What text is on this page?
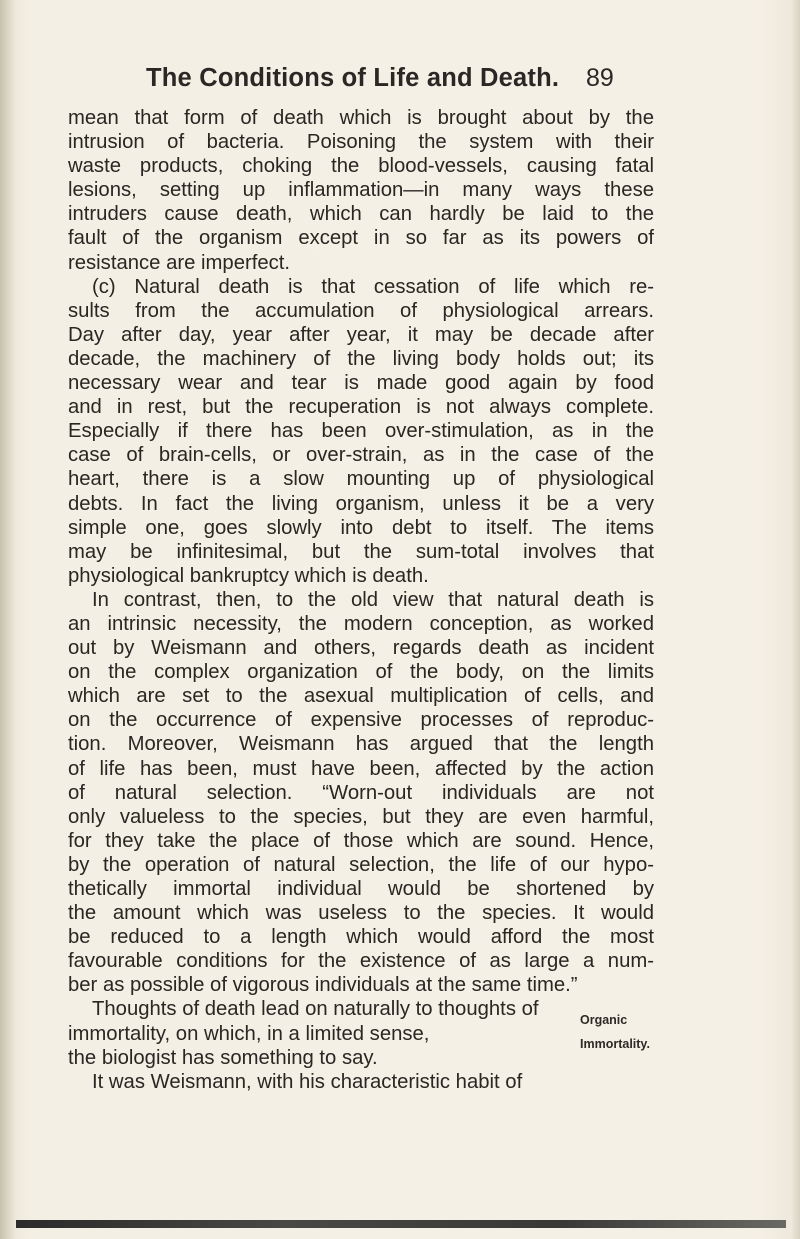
The Conditions of Life and Death.	89
mean that form of death which is brought about by the
intrusion of bacteria. Poisoning the system with their
waste products, choking the blood-vessels, causing fatal
lesions, setting up inflammation—in many ways these
intruders cause death, which can hardly be laid to the
fault of the organism except in so far as its powers of
resistance are imperfect.
(c) Natural death is that cessation of life which re-
sults from the accumulation of physiological arrears.
Day after day, year after year, it may be decade after
decade, the machinery of the living body holds out; its
necessary wear and tear is made good again by food
and in rest, but the recuperation is not always complete.
Especially if there has been over-stimulation, as in the
case of brain-cells, or over-strain, as in the case of the
heart, there is a slow mounting up of physiological
debts. In fact the living organism, unless it be a very
simple one, goes slowly into debt to itself. The items
may be infinitesimal, but the sum-total involves that
physiological bankruptcy which is death.
In contrast, then, to the old view that natural death is
an intrinsic necessity, the modern conception, as worked
out by Weismann and others, regards death as incident
on the complex organization of the body, on the limits
which are set to the asexual multiplication of cells, and
on the occurrence of expensive processes of reproduc-
tion. Moreover, Weismann has argued that the length
of life has been, must have been, affected by the action
of natural selection. “Worn-out individuals are not
only valueless to the species, but they are even harmful,
for they take the place of those which are sound. Hence,
by the operation of natural selection, the life of our hypo-
thetically immortal individual would be shortened by
the amount which was useless to the species. It would
be reduced to a length which would afford the most
favourable conditions for the existence of as large a num-
ber as possible of vigorous individuals at the same time.”
Thoughts of death lead on naturally to thoughts of
immortality, on which, in a limited sense,
the biologist has something to say.
It was Weismann, with his characteristic habit of
Organic
Immortality.
